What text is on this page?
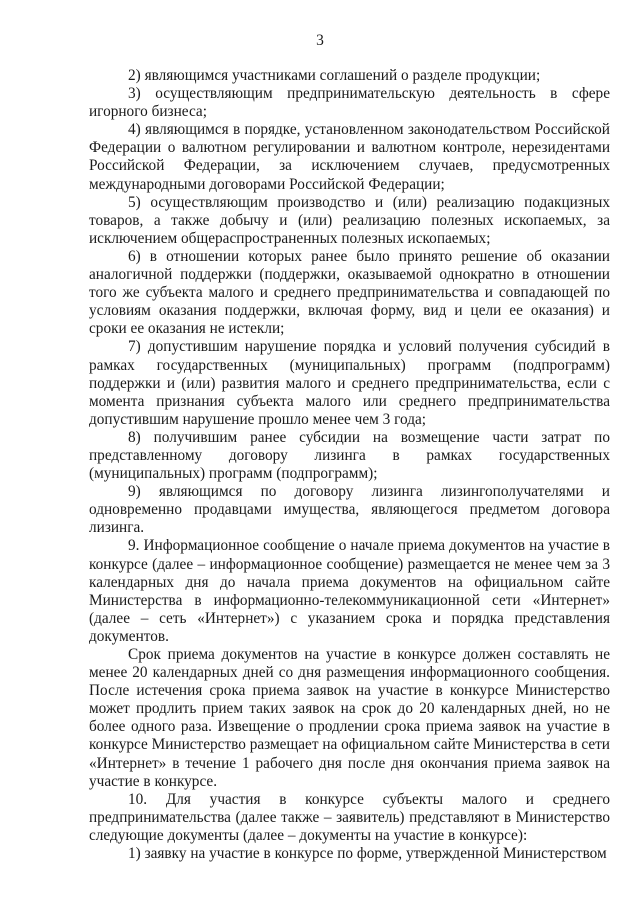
3

2) являющимся участниками соглашений о разделе продукции;

3) осуществляющим предпринимательскую деятельность в сфере игорного бизнеса;

4) являющимся в порядке, установленном законодательством Российской Федерации о валютном регулировании и валютном контроле, нерезидентами Российской Федерации, за исключением случаев, предусмотренных международными договорами Российской Федерации;

5) осуществляющим производство и (или) реализацию подакцизных товаров, а также добычу и (или) реализацию полезных ископаемых, за исключением общераспространенных полезных ископаемых;

6) в отношении которых ранее было принято решение об оказании аналогичной поддержки (поддержки, оказываемой однократно в отношении того же субъекта малого и среднего предпринимательства и совпадающей по условиям оказания поддержки, включая форму, вид и цели ее оказания) и сроки ее оказания не истекли;

7) допустившим нарушение порядка и условий получения субсидий в рамках государственных (муниципальных) программ (подпрограмм) поддержки и (или) развития малого и среднего предпринимательства, если с момента признания субъекта малого или среднего предпринимательства допустившим нарушение прошло менее чем 3 года;

8) получившим ранее субсидии на возмещение части затрат по представленному договору лизинга в рамках государственных (муниципальных) программ (подпрограмм);

9) являющимся по договору лизинга лизингополучателями и одновременно продавцами имущества, являющегося предметом договора лизинга.

9. Информационное сообщение о начале приема документов на участие в конкурсе (далее – информационное сообщение) размещается не менее чем за 3 календарных дня до начала приема документов на официальном сайте Министерства в информационно-телекоммуникационной сети «Интернет» (далее – сеть «Интернет») с указанием срока и порядка представления документов.

Срок приема документов на участие в конкурсе должен составлять не менее 20 календарных дней со дня размещения информационного сообщения. После истечения срока приема заявок на участие в конкурсе Министерство может продлить прием таких заявок на срок до 20 календарных дней, но не более одного раза. Извещение о продлении срока приема заявок на участие в конкурсе Министерство размещает на официальном сайте Министерства в сети «Интернет» в течение 1 рабочего дня после дня окончания приема заявок на участие в конкурсе.

10. Для участия в конкурсе субъекты малого и среднего предпринимательства (далее также – заявитель) представляют в Министерство следующие документы (далее – документы на участие в конкурсе):

1) заявку на участие в конкурсе по форме, утвержденной Министерством
